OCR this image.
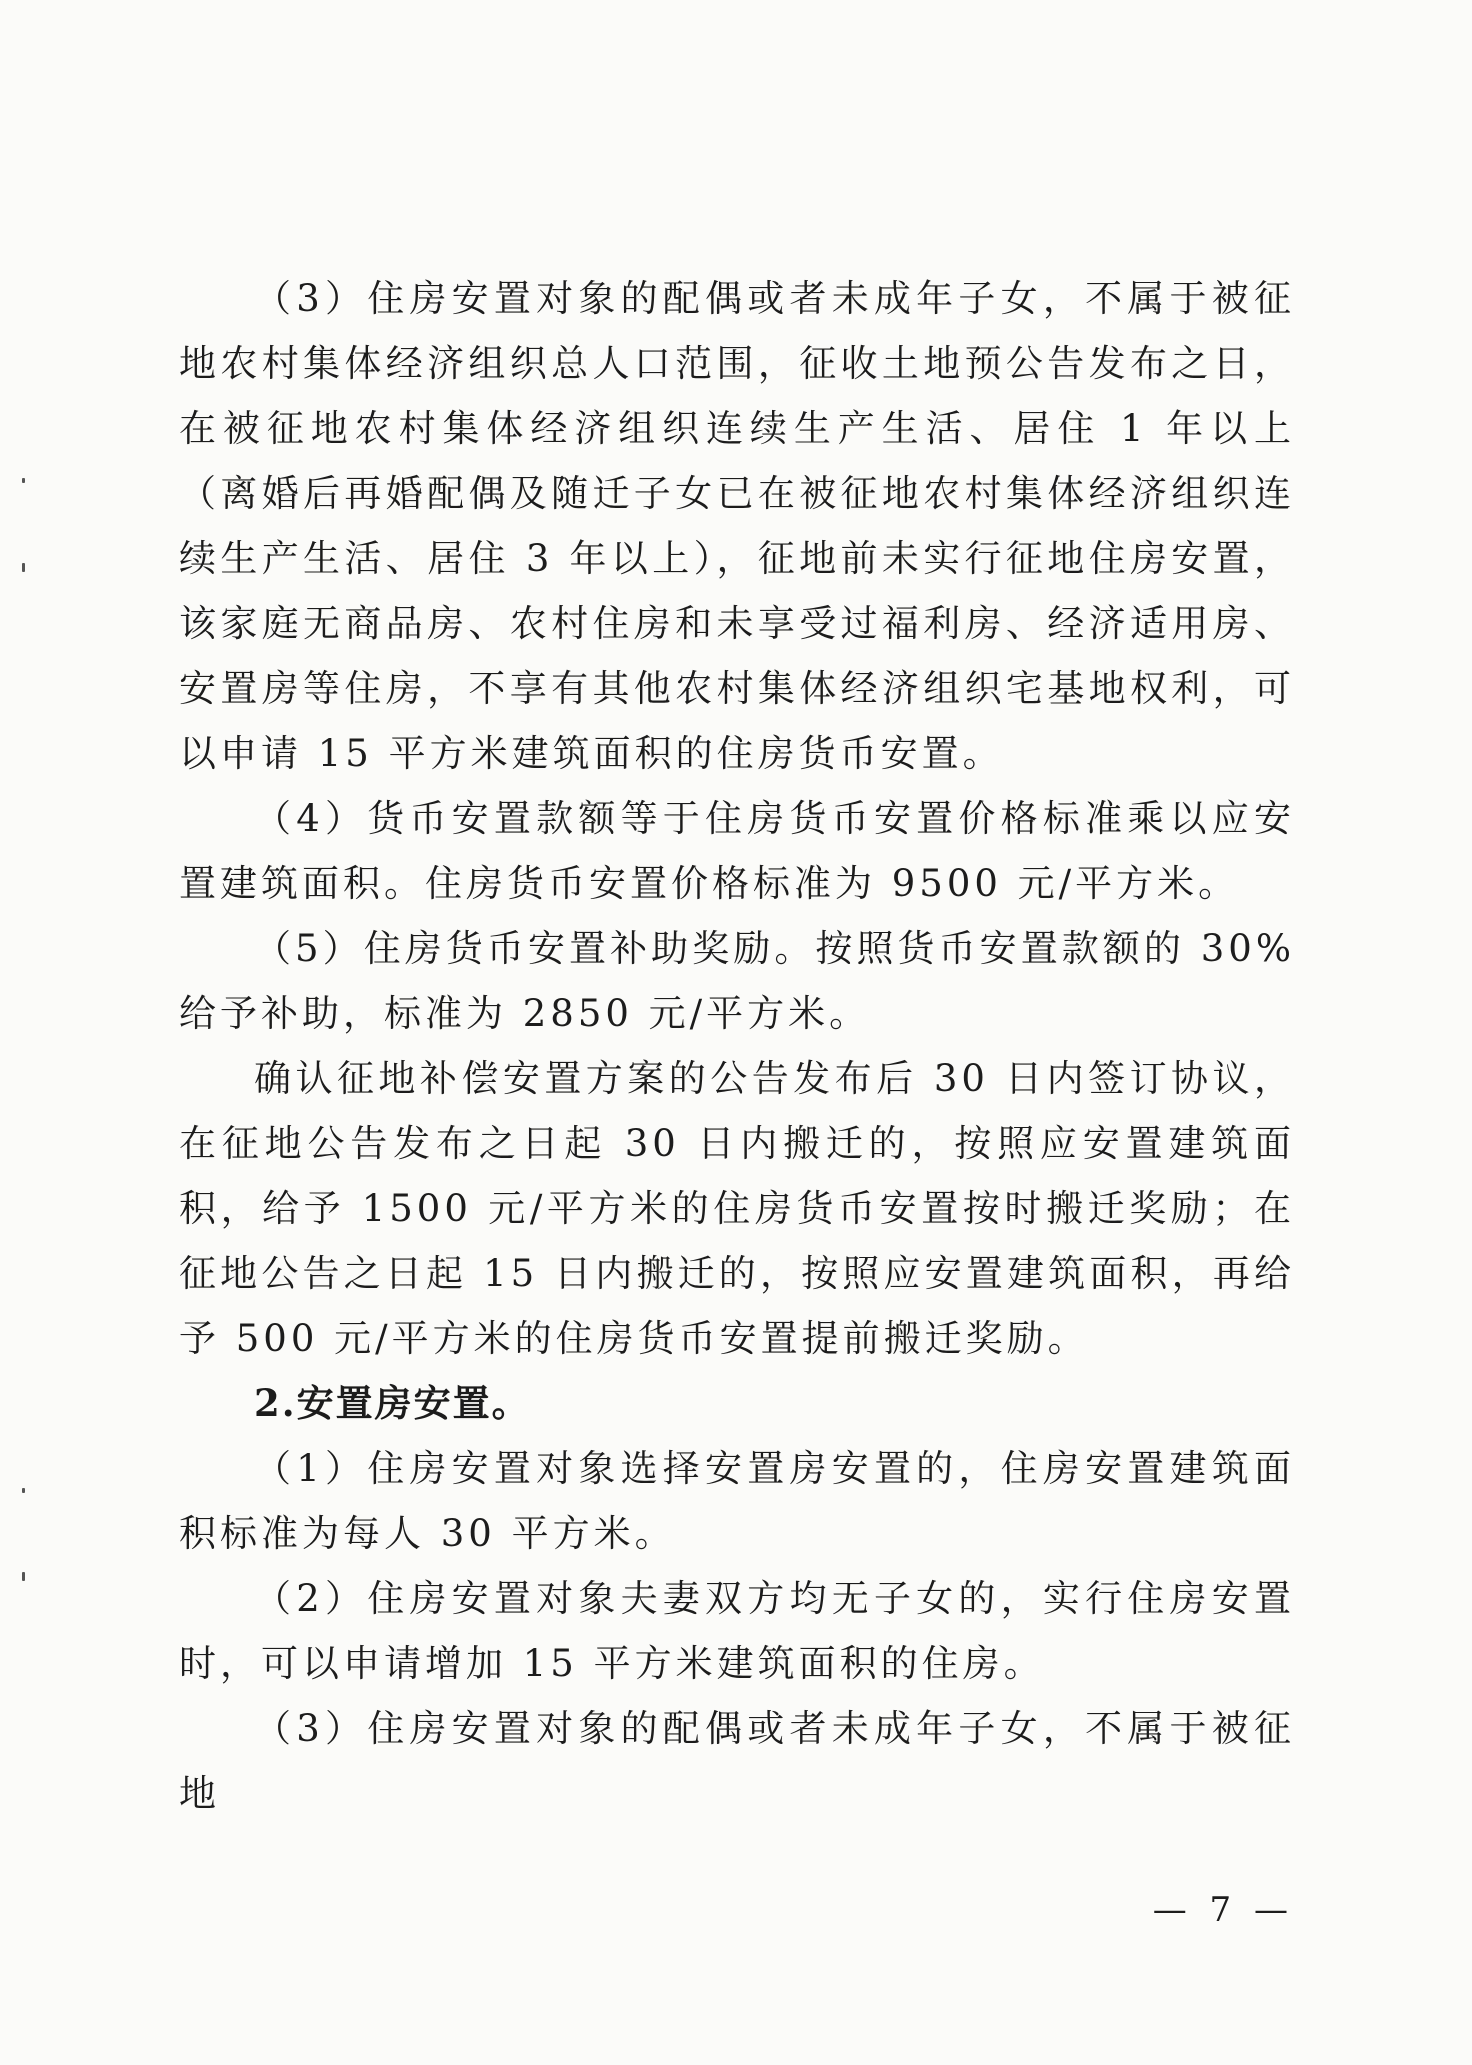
（3）住房安置对象的配偶或者未成年子女，不属于被征地农村集体经济组织总人口范围，征收土地预公告发布之日，在被征地农村集体经济组织连续生产生活、居住 1 年以上（离婚后再婚配偶及随迁子女已在被征地农村集体经济组织连续生产生活、居住 3 年以上），征地前未实行征地住房安置，该家庭无商品房、农村住房和未享受过福利房、经济适用房、安置房等住房，不享有其他农村集体经济组织宅基地权利，可以申请 15 平方米建筑面积的住房货币安置。

（4）货币安置款额等于住房货币安置价格标准乘以应安置建筑面积。住房货币安置价格标准为 9500 元/平方米。

（5）住房货币安置补助奖励。按照货币安置款额的 30%给予补助，标准为 2850 元/平方米。

确认征地补偿安置方案的公告发布后 30 日内签订协议，在征地公告发布之日起 30 日内搬迁的，按照应安置建筑面积，给予 1500 元/平方米的住房货币安置按时搬迁奖励；在征地公告之日起 15 日内搬迁的，按照应安置建筑面积，再给予 500 元/平方米的住房货币安置提前搬迁奖励。

2.安置房安置。

（1）住房安置对象选择安置房安置的，住房安置建筑面积标准为每人 30 平方米。

（2）住房安置对象夫妻双方均无子女的，实行住房安置时，可以申请增加 15 平方米建筑面积的住房。

（3）住房安置对象的配偶或者未成年子女，不属于被征地

— 7 —
